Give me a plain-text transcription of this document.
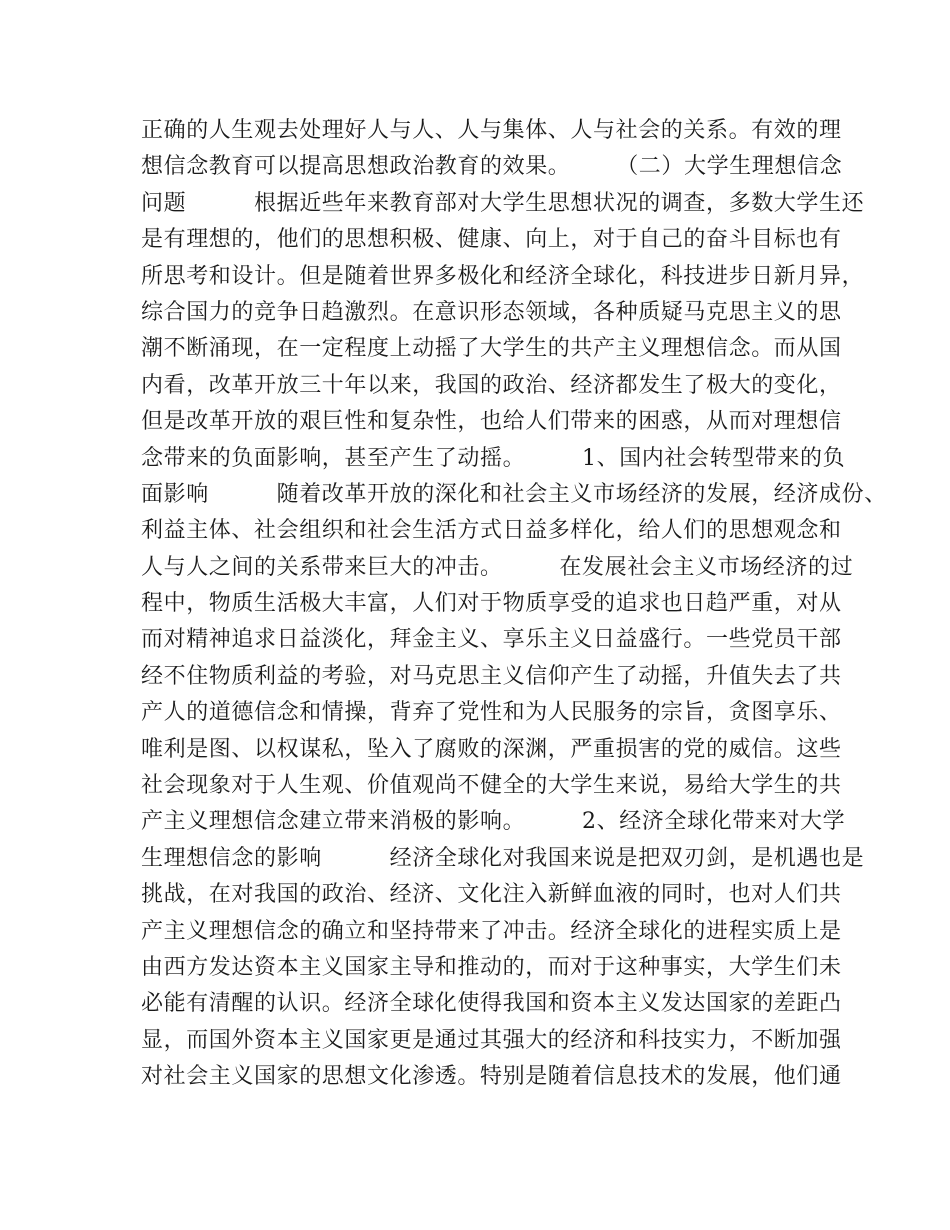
正确的人生观去处理好人与人、人与集体、人与社会的关系。有效的理
想信念教育可以提高思想政治教育的效果。　　　（二）大学生理想信念
问题　　　根据近些年来教育部对大学生思想状况的调查，多数大学生还
是有理想的，他们的思想积极、健康、向上，对于自己的奋斗目标也有
所思考和设计。但是随着世界多极化和经济全球化，科技进步日新月异，
综合国力的竞争日趋激烈。在意识形态领域，各种质疑马克思主义的思
潮不断涌现，在一定程度上动摇了大学生的共产主义理想信念。而从国
内看，改革开放三十年以来，我国的政治、经济都发生了极大的变化，
但是改革开放的艰巨性和复杂性，也给人们带来的困惑，从而对理想信
念带来的负面影响，甚至产生了动摇。　　　1、国内社会转型带来的负
面影响　　　随着改革开放的深化和社会主义市场经济的发展，经济成份、
利益主体、社会组织和社会生活方式日益多样化，给人们的思想观念和
人与人之间的关系带来巨大的冲击。　　　在发展社会主义市场经济的过
程中，物质生活极大丰富，人们对于物质享受的追求也日趋严重，对从
而对精神追求日益淡化，拜金主义、享乐主义日益盛行。一些党员干部
经不住物质利益的考验，对马克思主义信仰产生了动摇，升值失去了共
产人的道德信念和情操，背弃了党性和为人民服务的宗旨，贪图享乐、
唯利是图、以权谋私，坠入了腐败的深渊，严重损害的党的威信。这些
社会现象对于人生观、价值观尚不健全的大学生来说，易给大学生的共
产主义理想信念建立带来消极的影响。　　　2、经济全球化带来对大学
生理想信念的影响　　　经济全球化对我国来说是把双刃剑，是机遇也是
挑战，在对我国的政治、经济、文化注入新鲜血液的同时，也对人们共
产主义理想信念的确立和坚持带来了冲击。经济全球化的进程实质上是
由西方发达资本主义国家主导和推动的，而对于这种事实，大学生们未
必能有清醒的认识。经济全球化使得我国和资本主义发达国家的差距凸
显，而国外资本主义国家更是通过其强大的经济和科技实力，不断加强
对社会主义国家的思想文化渗透。特别是随着信息技术的发展，他们通
